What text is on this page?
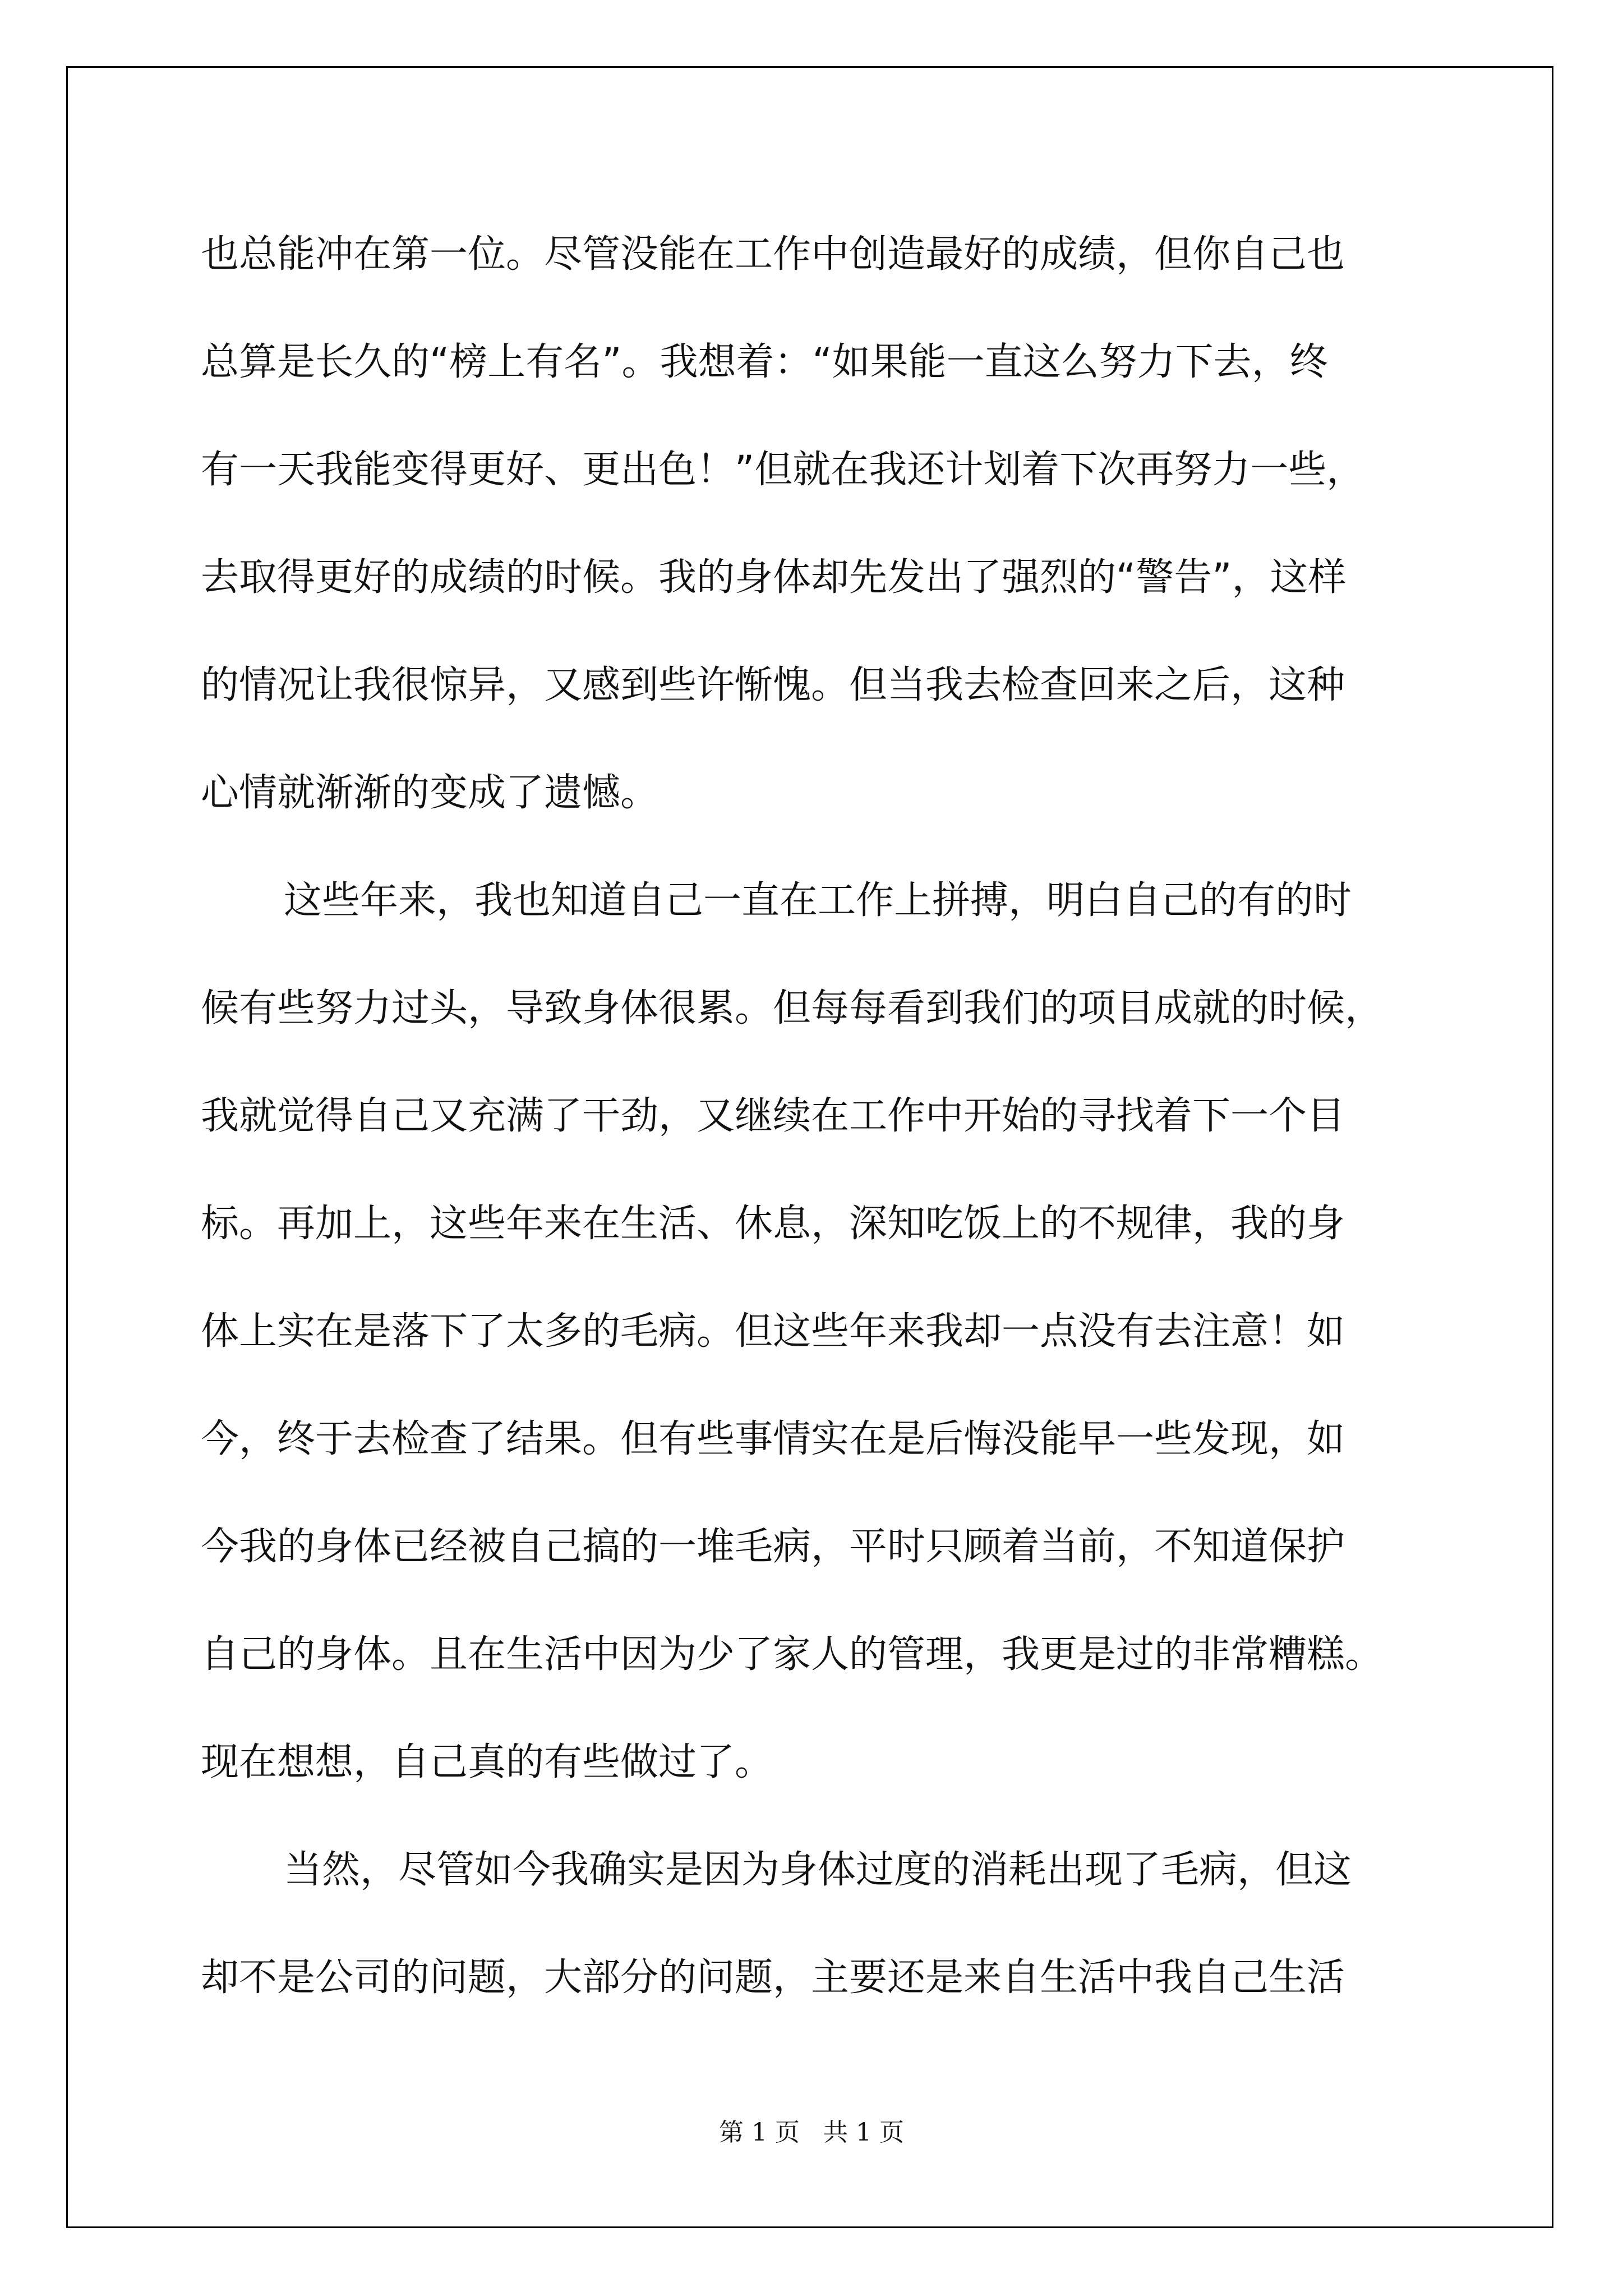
也总能冲在第一位。尽管没能在工作中创造最好的成绩，但你自己也
总算是长久的“榜上有名”。我想着：“如果能一直这么努力下去，终
有一天我能变得更好、更出色！”但就在我还计划着下次再努力一些，
去取得更好的成绩的时候。我的身体却先发出了强烈的“警告”，这样
的情况让我很惊异，又感到些许惭愧。但当我去检查回来之后，这种
心情就渐渐的变成了遗憾。
这些年来，我也知道自己一直在工作上拼搏，明白自己的有的时
候有些努力过头，导致身体很累。但每每看到我们的项目成就的时候，
我就觉得自己又充满了干劲，又继续在工作中开始的寻找着下一个目
标。再加上，这些年来在生活、休息，深知吃饭上的不规律，我的身
体上实在是落下了太多的毛病。但这些年来我却一点没有去注意！如
今，终于去检查了结果。但有些事情实在是后悔没能早一些发现，如
今我的身体已经被自己搞的一堆毛病，平时只顾着当前，不知道保护
自己的身体。且在生活中因为少了家人的管理，我更是过的非常糟糕。
现在想想，自己真的有些做过了。
当然，尽管如今我确实是因为身体过度的消耗出现了毛病，但这
却不是公司的问题，大部分的问题，主要还是来自生活中我自己生活
第 1 页 共 1 页
